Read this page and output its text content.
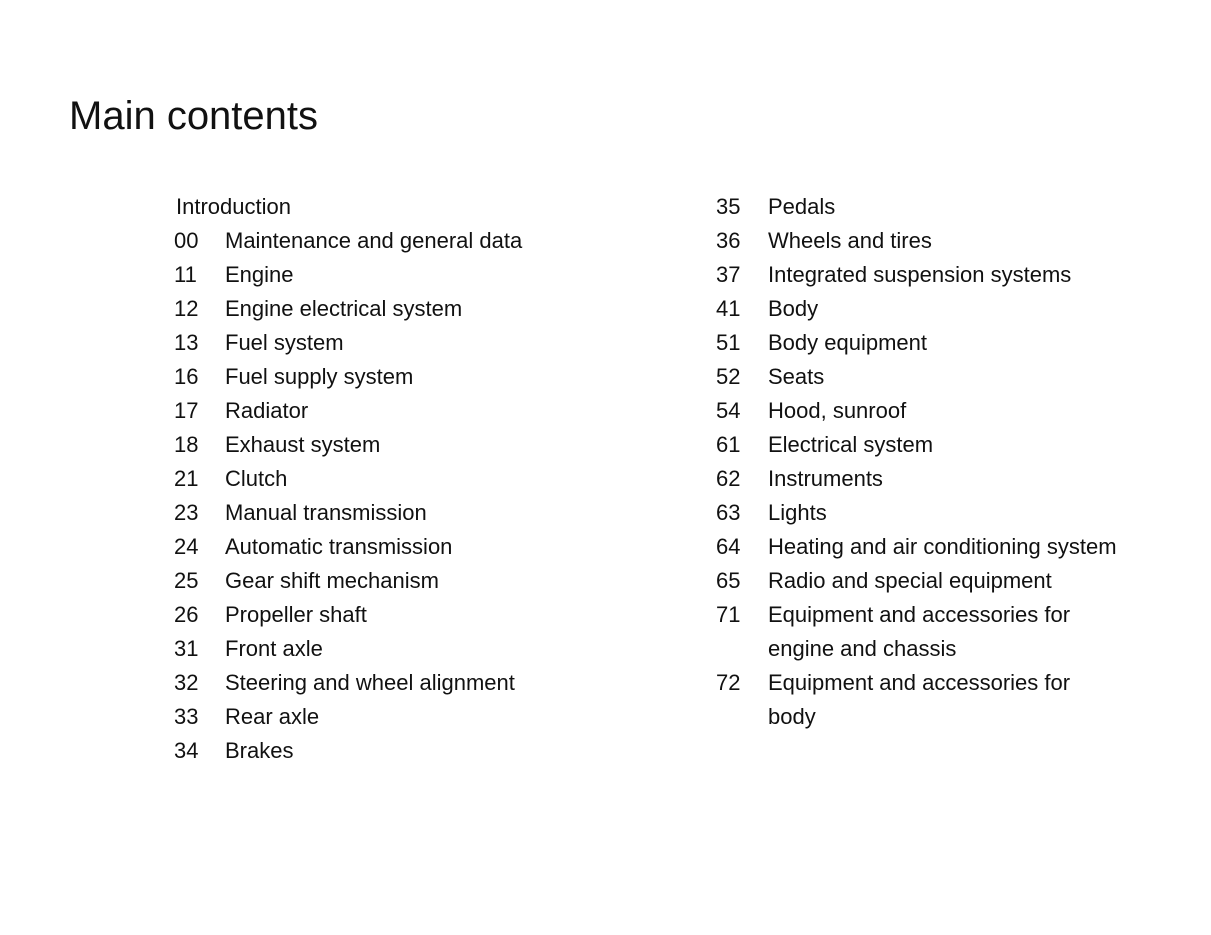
Main contents
Introduction
00	Maintenance and general data
11	Engine
12	Engine electrical system
13	Fuel system
16	Fuel supply system
17	Radiator
18	Exhaust system
21	Clutch
23	Manual transmission
24	Automatic transmission
25	Gear shift mechanism
26	Propeller shaft
31	Front axle
32	Steering and wheel alignment
33	Rear axle
34	Brakes
35	Pedals
36	Wheels and tires
37	Integrated suspension systems
41	Body
51	Body equipment
52	Seats
54	Hood, sunroof
61	Electrical system
62	Instruments
63	Lights
64	Heating and air conditioning system
65	Radio and special equipment
71	Equipment and accessories for
engine and chassis
72	Equipment and accessories for
body
